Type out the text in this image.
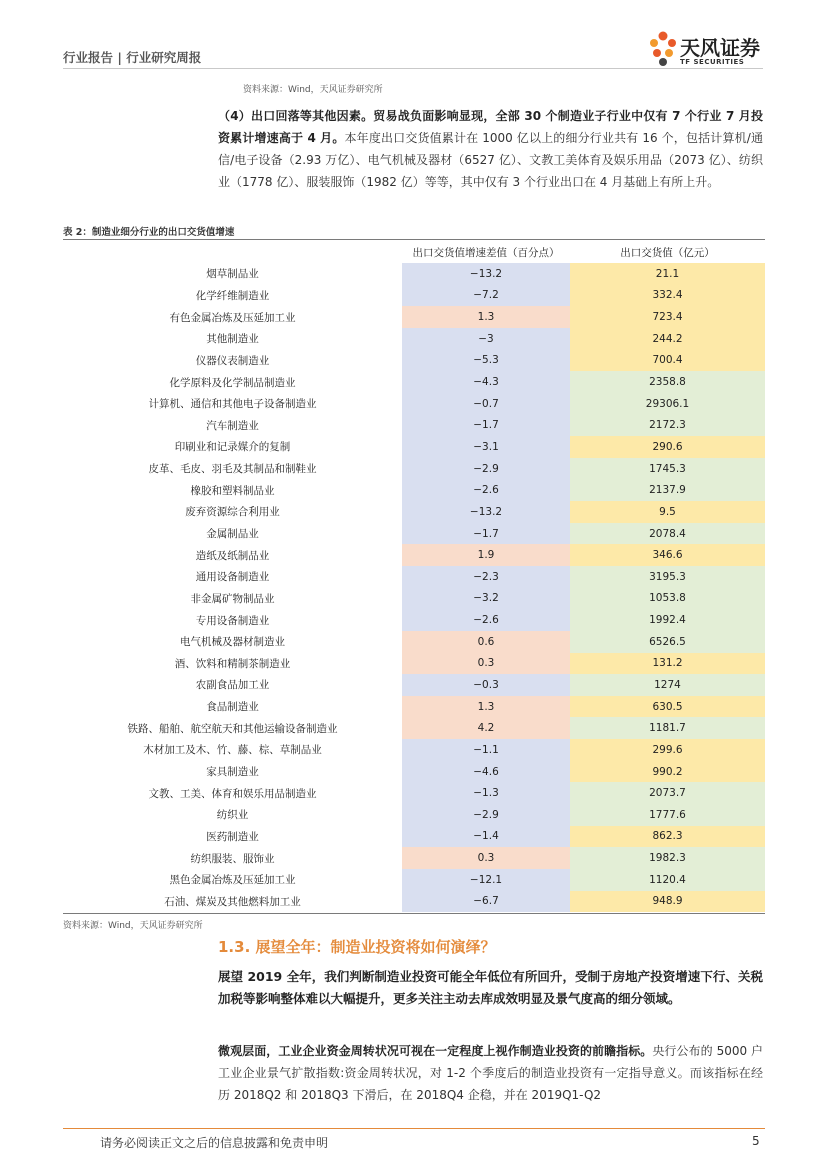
行业报告 | 行业研究周报	天风证券
TF SECURITIES
资料来源：Wind，天风证券研究所
（4）出口回落等其他因素。贸易战负面影响显现，全部 30 个制造业子行业中仅有 7 个行业 7 月投资累计增速高于 4 月。本年度出口交货值累计在 1000 亿以上的细分行业共有 16 个，包括计算机/通信/电子设备（2.93 万亿）、电气机械及器材（6527 亿）、文教工美体育及娱乐用品（2073 亿）、纺织业（1778 亿）、服装服饰（1982 亿）等等，其中仅有 3 个行业出口在 4 月基础上有所上升。
表 2：制造业细分行业的出口交货值增速
出口交货值增速差值（百分点）	出口交货值（亿元）
烟草制品业	−13.2	21.1
化学纤维制造业	−7.2	332.4
有色金属冶炼及压延加工业	1.3	723.4
其他制造业	−3	244.2
仪器仪表制造业	−5.3	700.4
化学原料及化学制品制造业	−4.3	2358.8
计算机、通信和其他电子设备制造业	−0.7	29306.1
汽车制造业	−1.7	2172.3
印刷业和记录媒介的复制	−3.1	290.6
皮革、毛皮、羽毛及其制品和制鞋业	−2.9	1745.3
橡胶和塑料制品业	−2.6	2137.9
废弃资源综合利用业	−13.2	9.5
金属制品业	−1.7	2078.4
造纸及纸制品业	1.9	346.6
通用设备制造业	−2.3	3195.3
非金属矿物制品业	−3.2	1053.8
专用设备制造业	−2.6	1992.4
电气机械及器材制造业	0.6	6526.5
酒、饮料和精制茶制造业	0.3	131.2
农副食品加工业	−0.3	1274
食品制造业	1.3	630.5
铁路、船舶、航空航天和其他运输设备制造业	4.2	1181.7
木材加工及木、竹、藤、棕、草制品业	−1.1	299.6
家具制造业	−4.6	990.2
文教、工美、体育和娱乐用品制造业	−1.3	2073.7
纺织业	−2.9	1777.6
医药制造业	−1.4	862.3
纺织服装、服饰业	0.3	1982.3
黑色金属冶炼及压延加工业	−12.1	1120.4
石油、煤炭及其他燃料加工业	−6.7	948.9
资料来源：Wind，天风证券研究所
1.3. 展望全年：制造业投资将如何演绎？
展望 2019 全年，我们判断制造业投资可能全年低位有所回升，受制于房地产投资增速下行、关税加税等影响整体难以大幅提升，更多关注主动去库成效明显及景气度高的细分领域。
微观层面，工业企业资金周转状况可视在一定程度上视作制造业投资的前瞻指标。央行公布的 5000 户工业企业景气扩散指数:资金周转状况，对 1-2 个季度后的制造业投资有一定指导意义。而该指标在经历 2018Q2 和 2018Q3 下滑后，在 2018Q4 企稳，并在 2019Q1-Q2
请务必阅读正文之后的信息披露和免责申明	5
